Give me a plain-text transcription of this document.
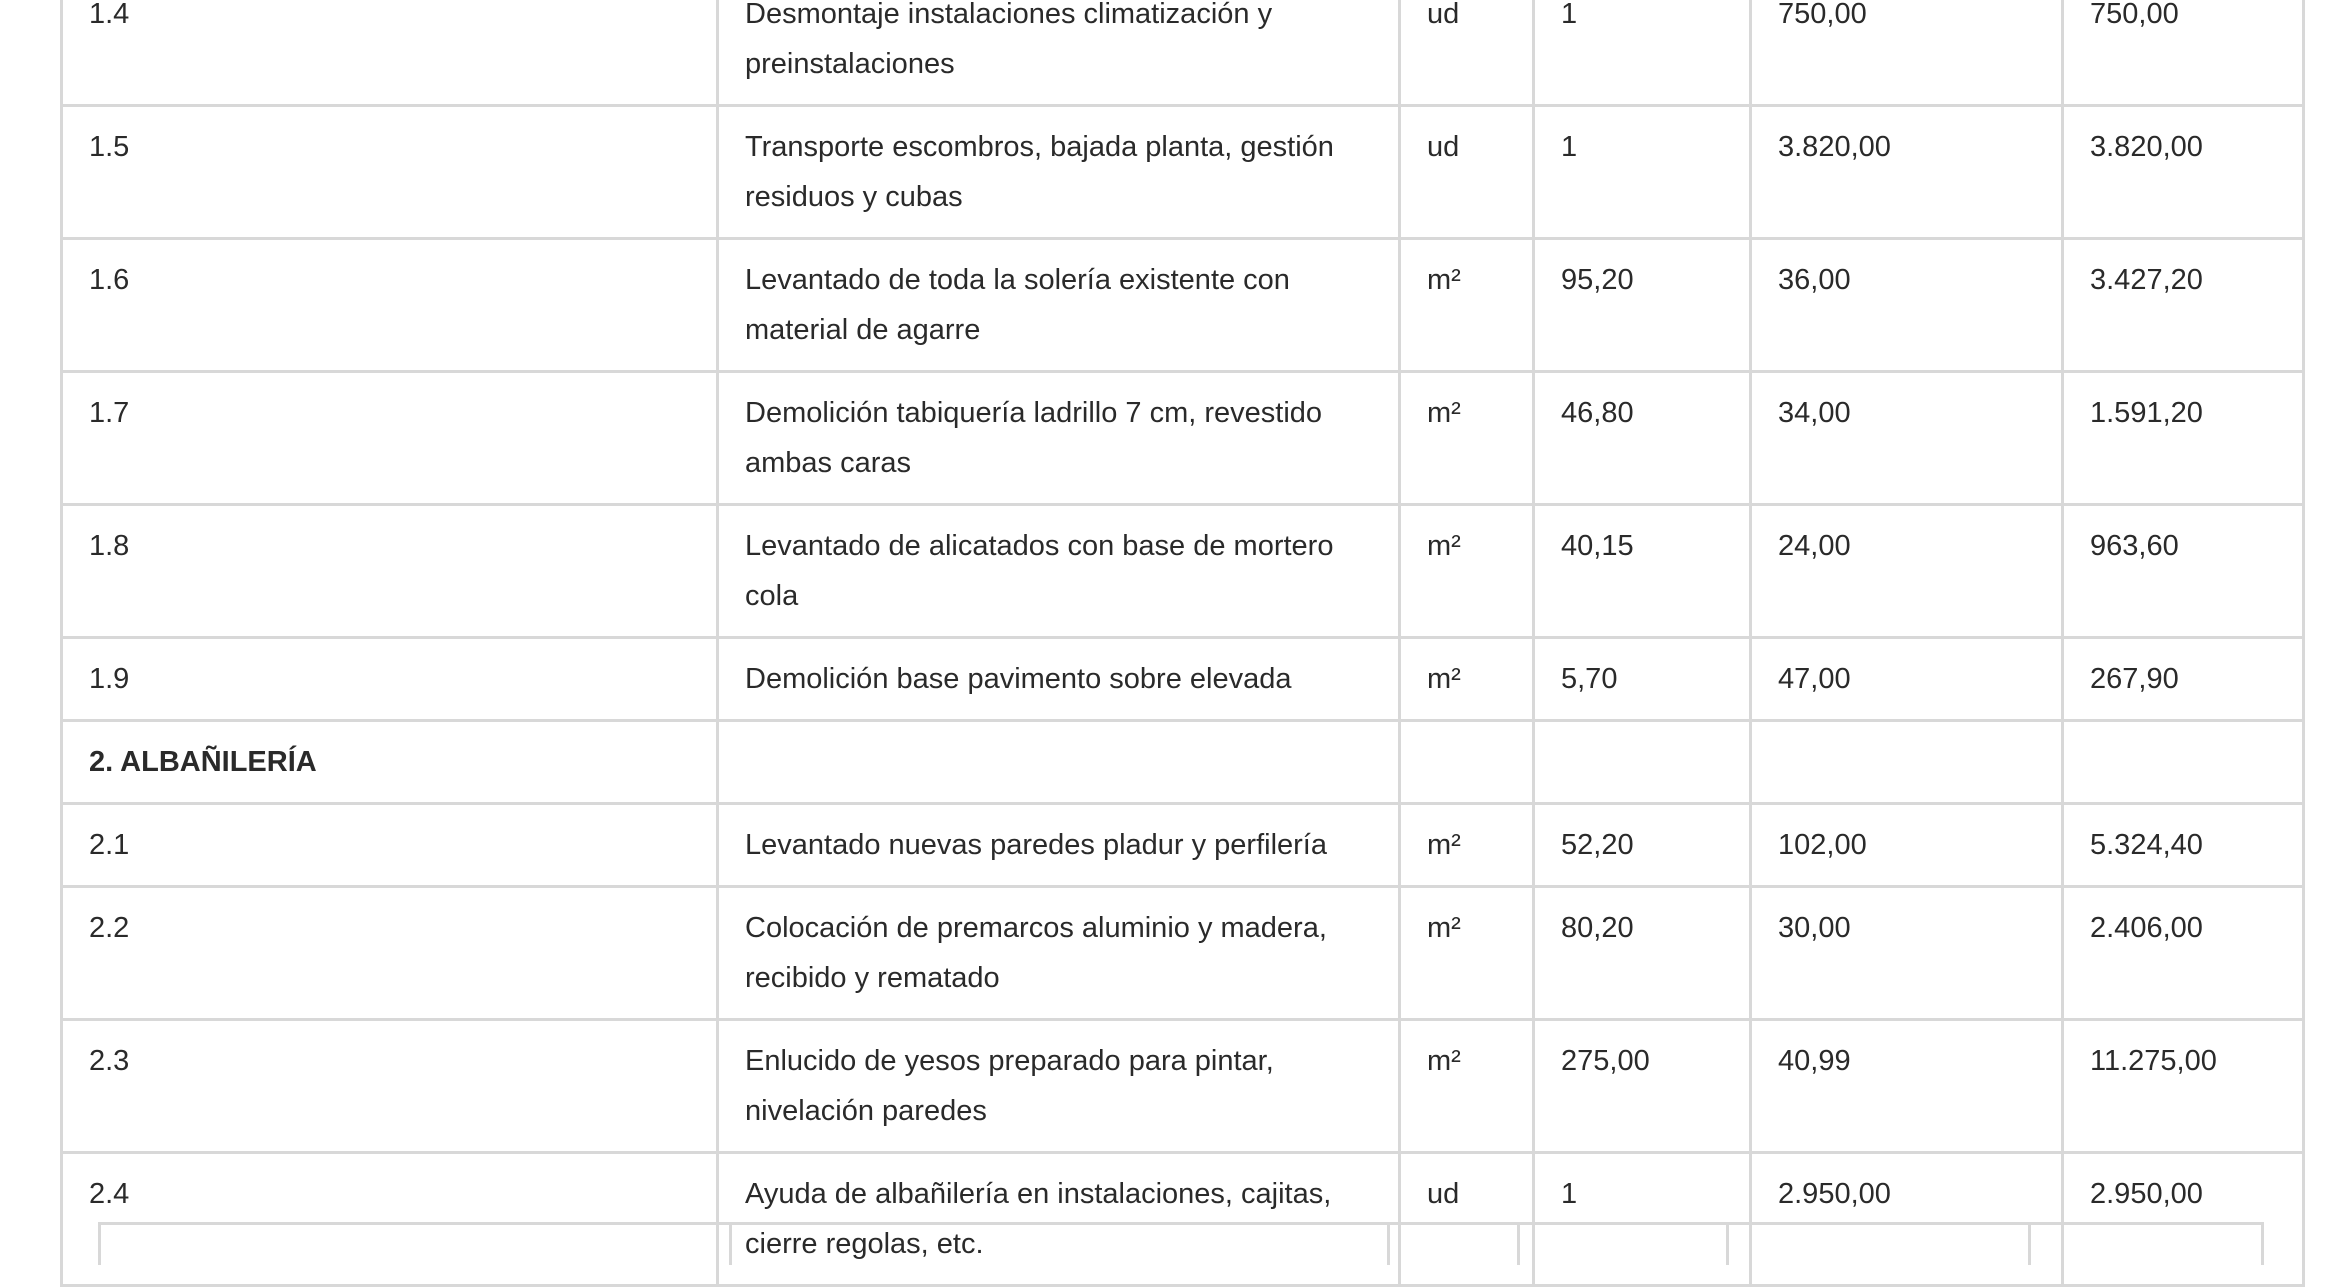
1.4	Desmontaje instalaciones climatización y preinstalaciones	ud	1	750,00	750,00
1.5	Transporte escombros, bajada planta, gestión residuos y cubas	ud	1	3.820,00	3.820,00
1.6	Levantado de toda la solería existente con material de agarre	m²	95,20	36,00	3.427,20
1.7	Demolición tabiquería ladrillo 7 cm, revestido ambas caras	m²	46,80	34,00	1.591,20
1.8	Levantado de alicatados con base de mortero cola	m²	40,15	24,00	963,60
1.9	Demolición base pavimento sobre elevada	m²	5,70	47,00	267,90
2. ALBAÑILERÍA					
2.1	Levantado nuevas paredes pladur y perfilería	m²	52,20	102,00	5.324,40
2.2	Colocación de premarcos aluminio y madera, recibido y rematado	m²	80,20	30,00	2.406,00
2.3	Enlucido de yesos preparado para pintar, nivelación paredes	m²	275,00	40,99	11.275,00
2.4	Ayuda de albañilería en instalaciones, cajitas, cierre regolas, etc.	ud	1	2.950,00	2.950,00
